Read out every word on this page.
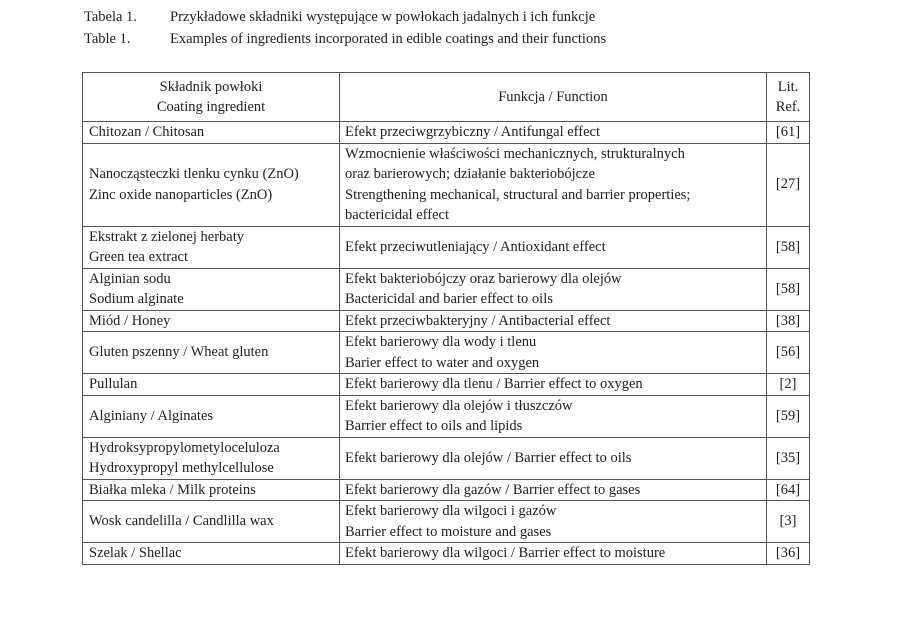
Tabela 1. Przykładowe składniki występujące w powłokach jadalnych i ich funkcje
Table 1.	Examples of ingredients incorporated in edible coatings and their functions
Składnik powłoki
Coating ingredient	Funkcja / Function	Lit.
Ref.

Chitozan / Chitosan	Efekt przeciwgrzybiczny / Antifungal effect	[61]

Nanocząsteczki tlenku cynku (ZnO)
Zinc oxide nanoparticles (ZnO)	Wzmocnienie właściwości mechanicznych, strukturalnych
oraz barierowych; działanie bakteriobójcze
Strengthening mechanical, structural and barrier properties;
bactericidal effect	[27]

Ekstrakt z zielonej herbaty
Green tea extract	Efekt przeciwutleniający / Antioxidant effect	[58]

Alginian sodu
Sodium alginate	Efekt bakteriobójczy oraz barierowy dla olejów
Bactericidal and barier effect to oils	[58]

Miód / Honey	Efekt przeciwbakteryjny / Antibacterial effect	[38]

Gluten pszenny / Wheat gluten	Efekt barierowy dla wody i tlenu
Barier effect to water and oxygen	[56]

Pullulan	Efekt barierowy dla tlenu / Barrier effect to oxygen	[2]

Alginiany / Alginates	Efekt barierowy dla olejów i tłuszczów
Barrier effect to oils and lipids	[59]

Hydroksypropylometyloceluloza
Hydroxypropyl methylcellulose	Efekt barierowy dla olejów / Barrier effect to oils	[35]

Białka mleka / Milk proteins	Efekt barierowy dla gazów / Barrier effect to gases	[64]

Wosk candelilla / Candlilla wax	Efekt barierowy dla wilgoci i gazów
Barrier effect to moisture and gases	[3]

Szelak / Shellac	Efekt barierowy dla wilgoci / Barrier effect to moisture	[36]
